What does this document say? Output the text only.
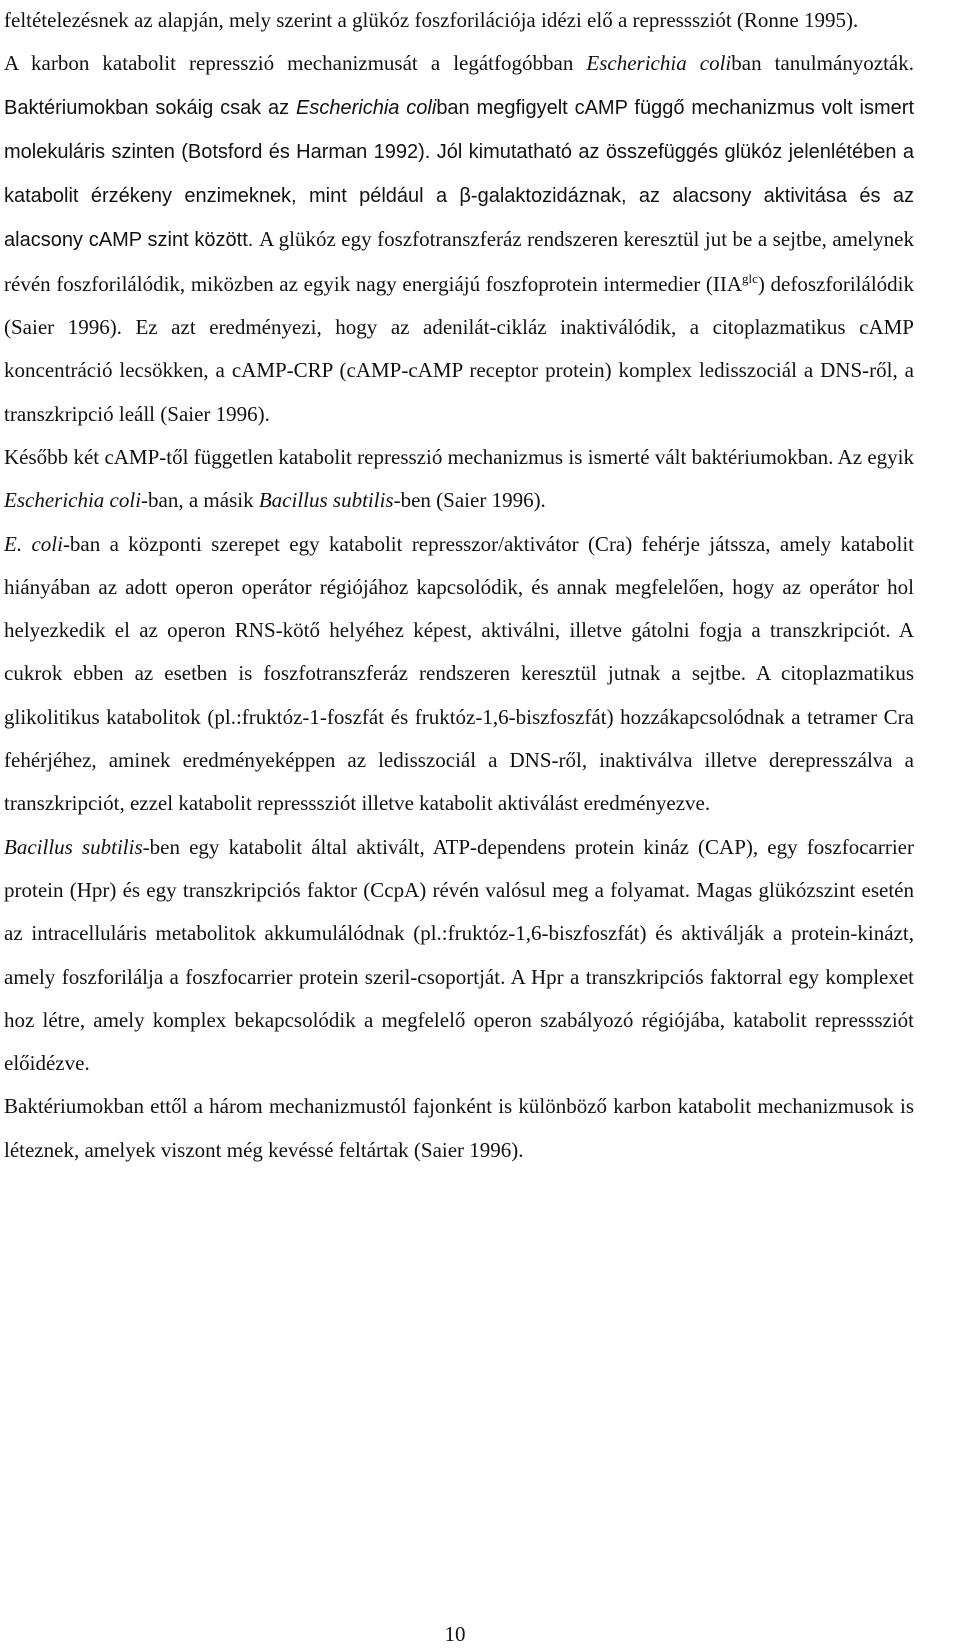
feltételezésnek az alapján, mely szerint a glükóz foszforilációja idézi elő a represssziót (Ronne 1995).

A karbon katabolit represszió mechanizmusát a legátfogóbban Escherichia coliban tanulmányozták. Baktériumokban sokáig csak az Escherichia coliban megfigyelt cAMP függő mechanizmus volt ismert molekuláris szinten (Botsford és Harman 1992). Jól kimutatható az összefüggés glükóz jelenlétében a katabolit érzékeny enzimeknek, mint például a β-galaktozidáznak, az alacsony aktivitása és az alacsony cAMP szint között. A glükóz egy foszfotranszferáz rendszeren keresztül jut be a sejtbe, amelynek révén foszforilálódik, miközben az egyik nagy energiájú foszfoprotein intermedier $(IIA^{glc})$ defoszforilálódik (Saier 1996). Ez azt eredményezi, hogy az adenilát-cikláz inaktiválódik, a citoplazmatikus cAMP koncentráció lecsökken, a cAMP-CRP (cAMP-cAMP receptor protein) komplex ledisszociál a DNS-ről, a transzkripció leáll (Saier 1996).

Később két cAMP-től független katabolit represszió mechanizmus is ismerté vált baktériumokban. Az egyik Escherichia coli-ban, a másik Bacillus subtilis-ben (Saier 1996).

E. coli-ban a központi szerepet egy katabolit represszor/aktivátor (Cra) fehérje játssza, amely katabolit hiányában az adott operon operátor régiójához kapcsolódik, és annak megfelelően, hogy az operátor hol helyezkedik el az operon RNS-kötő helyéhez képest, aktiválni, illetve gátolni fogja a transzkripciót. A cukrok ebben az esetben is foszfotranszferáz rendszeren keresztül jutnak a sejtbe. A citoplazmatikus glikolitikus katabolitok (pl.:fruktóz-1-foszfát és fruktóz-1,6-biszfoszfát) hozzákapcsolódnak a tetramer Cra fehérjéhez, aminek eredményeképpen az ledisszociál a DNS-ről, inaktiválva illetve derepresszálva a transzkripciót, ezzel katabolit represssziót illetve katabolit aktiválást eredményezve.

Bacillus subtilis-ben egy katabolit által aktivált, ATP-dependens protein kináz (CAP), egy foszfocarrier protein (Hpr) és egy transzkripciós faktor (CcpA) révén valósul meg a folyamat. Magas glükózszint esetén az intracelluláris metabolitok akkumulálódnak (pl.:fruktóz-1,6-biszfoszfát) és aktiválják a protein-kinázt, amely foszforilálja a foszfocarrier protein szeril-csoportját. A Hpr a transzkripciós faktorral egy komplexet hoz létre, amely komplex bekapcsolódik a megfelelő operon szabályozó régiójába, katabolit represssziót előidézve.

Baktériumokban ettől a három mechanizmustól fajonként is különböző karbon katabolit mechanizmusok is léteznek, amelyek viszont még kevéssé feltártak (Saier 1996).

10
